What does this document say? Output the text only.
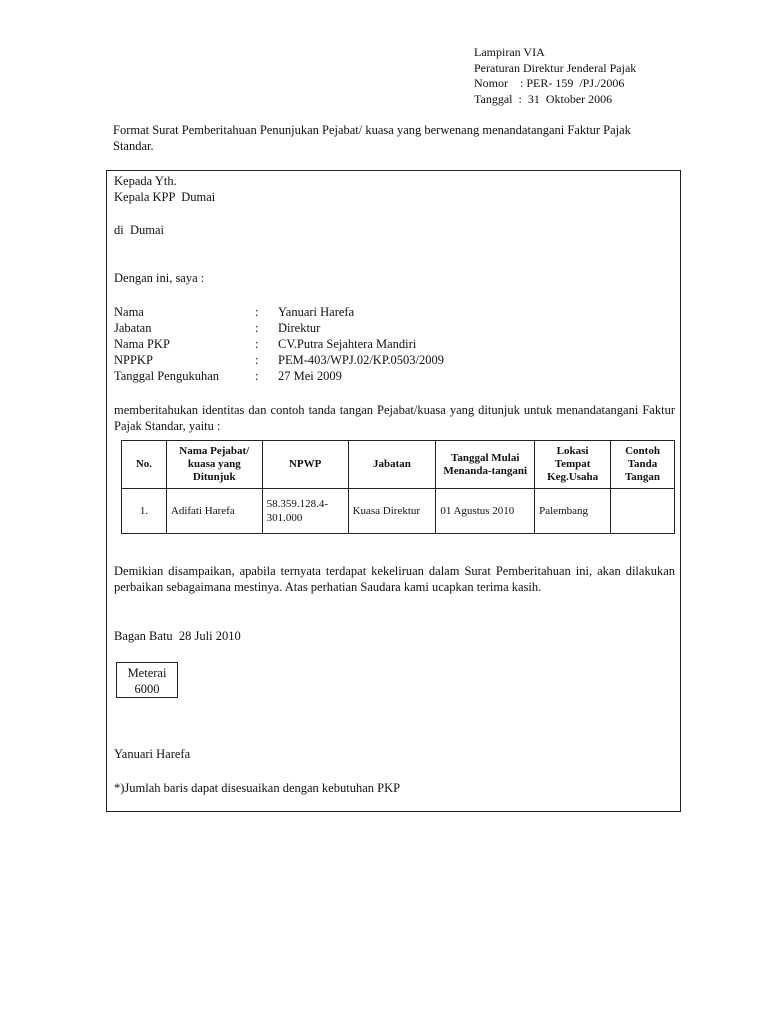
Lampiran VIA
Peraturan Direktur Jenderal Pajak
Nomor    : PER- 159  /PJ./2006
Tanggal  :  31  Oktober 2006
Format Surat Pemberitahuan Penunjukan Pejabat/ kuasa yang berwenang menandatangani Faktur Pajak Standar.
Kepada Yth.
Kepala KPP  Dumai
di  Dumai
Dengan ini, saya :
Nama	: Yanuari Harefa
Jabatan	: Direktur
Nama PKP	: CV.Putra Sejahtera Mandiri
NPPKP	: PEM-403/WPJ.02/KP.0503/2009
Tanggal Pengukuhan	: 27 Mei 2009
memberitahukan identitas dan contoh tanda tangan Pejabat/kuasa yang ditunjuk untuk menandatangani Faktur Pajak Standar, yaitu :
No.	Nama Pejabat/ kuasa yang Ditunjuk	NPWP	Jabatan	Tanggal Mulai Menanda-tangani	Lokasi Tempat Keg.Usaha	Contoh Tanda Tangan
1.	Adifati Harefa	58.359.128.4-301.000	Kuasa Direktur	01 Agustus 2010	Palembang	
Demikian disampaikan, apabila ternyata terdapat kekeliruan dalam Surat Pemberitahuan ini, akan dilakukan perbaikan sebagaimana mestinya. Atas perhatian Saudara kami ucapkan terima kasih.
Bagan Batu  28 Juli 2010
Meterai
6000
Yanuari Harefa
*)Jumlah baris dapat disesuaikan dengan kebutuhan PKP
